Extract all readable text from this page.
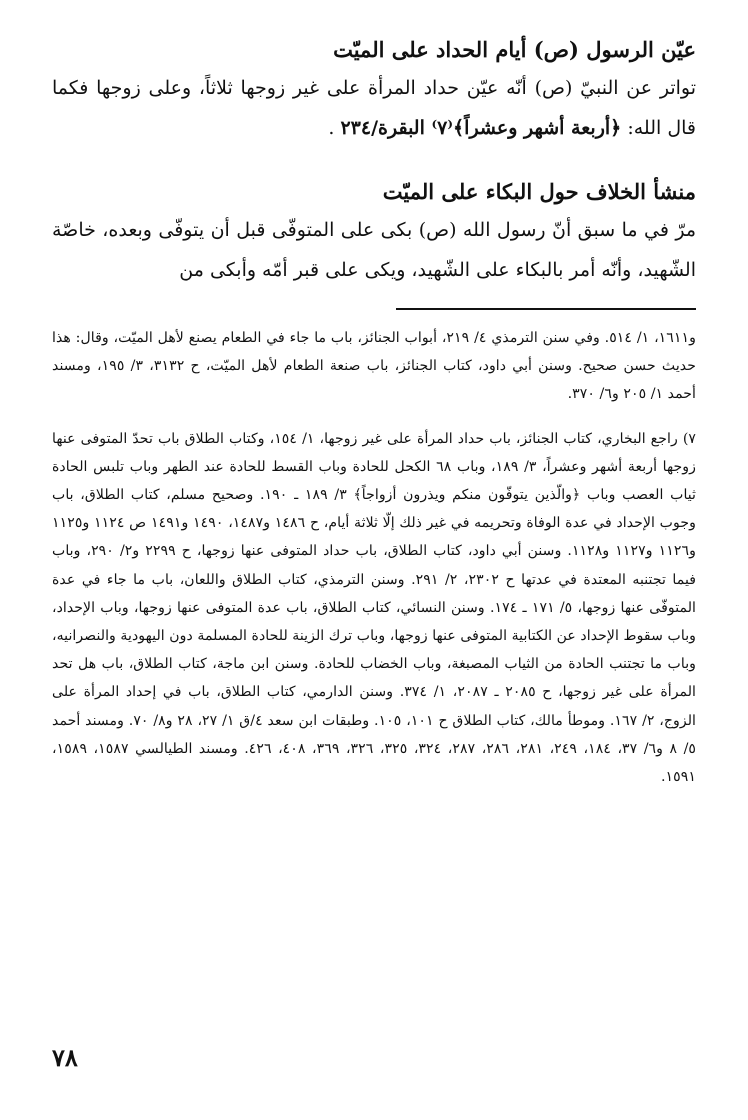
عيّن الرسول (ص) أيام الحداد على الميّت

تواتر عن النبيّ (ص) أنّه عيّن حداد المرأة على غير زوجها ثلاثاً، وعلى زوجها فكما قال الله: ﴿أربعة أشهر وعشراً﴾⁽٧⁾ البقرة/٢٣٤ .

منشأ الخلاف حول البكاء على الميّت

مرّ في ما سبق أنّ رسول الله (ص) بكى على المتوفّى قبل أن يتوفّى وبعده، خاصّة الشّهيد، وأنّه أمر بالبكاء على الشّهيد، ويكى على قبر أمّه وأبكى من

و١٦١١، ١/ ٥١٤. وفي سنن الترمذي ٤/ ٢١٩، أبواب الجنائز، باب ما جاء في الطعام يصنع لأهل الميّت، وقال: هذا حديث حسن صحيح. وسنن أبي داود، كتاب الجنائز، باب صنعة الطعام لأهل الميّت، ح ٣١٣٢، ٣/ ١٩٥، ومسند أحمد ١/ ٢٠٥ و٦/ ٣٧٠.

٧) راجع البخاري، كتاب الجنائز، باب حداد المرأة على غير زوجها، ١/ ١٥٤، وكتاب الطلاق باب تحدّ المتوفى عنها زوجها أربعة أشهر وعشراً، ٣/ ١٨٩، وباب ٦٨ الكحل للحادة وباب القسط للحادة عند الطهر وباب تلبس الحادة ثياب العصب وباب ﴿والّذين يتوفّون منكم ويذرون أزواجاً﴾ ٣/ ١٨٩ ـ ١٩٠. وصحيح مسلم، كتاب الطلاق، باب وجوب الإحداد في عدة الوفاة وتحريمه في غير ذلك إلّا ثلاثة أيام، ح ١٤٨٦ و١٤٨٧، ١٤٩٠ و١٤٩١ ص ١١٢٤ و١١٢٥ و١١٢٦ و١١٢٧ و١١٢٨. وسنن أبي داود، كتاب الطلاق، باب حداد المتوفى عنها زوجها، ح ٢٢٩٩ و٢/ ٢٩٠، وباب فيما تجتنبه المعتدة في عدتها ح ٢٣٠٢، ٢/ ٢٩١. وسنن الترمذي، كتاب الطلاق واللعان، باب ما جاء في عدة المتوفّى عنها زوجها، ٥/ ١٧١ ـ ١٧٤. وسنن النسائي، كتاب الطلاق، باب عدة المتوفى عنها زوجها، وباب الإحداد، وباب سقوط الإحداد عن الكتابية المتوفى عنها زوجها، وباب ترك الزينة للحادة المسلمة دون اليهودية والنصرانيه، وباب ما تجتنب الحادة من الثياب المصبغة، وباب الخضاب للحادة. وسنن ابن ماجة، كتاب الطلاق، باب هل تحد المرأة على غير زوجها، ح ٢٠٨٥ ـ ٢٠٨٧، ١/ ٣٧٤. وسنن الدارمي، كتاب الطلاق، باب في إحداد المرأة على الزوج، ٢/ ١٦٧. وموطأ مالك، كتاب الطلاق ح ١٠١، ١٠٥. وطبقات ابن سعد ٤/ق ١/ ٢٧، ٢٨ و٨/ ٧٠. ومسند أحمد ٥/ ٨ و٦/ ٣٧، ١٨٤، ٢٤٩، ٢٨١، ٢٨٦، ٢٨٧، ٣٢٤، ٣٢٥، ٣٢٦، ٣٦٩، ٤٠٨، ٤٢٦. ومسند الطيالسي ١٥٨٧، ١٥٨٩، ١٥٩١.

٧٨
